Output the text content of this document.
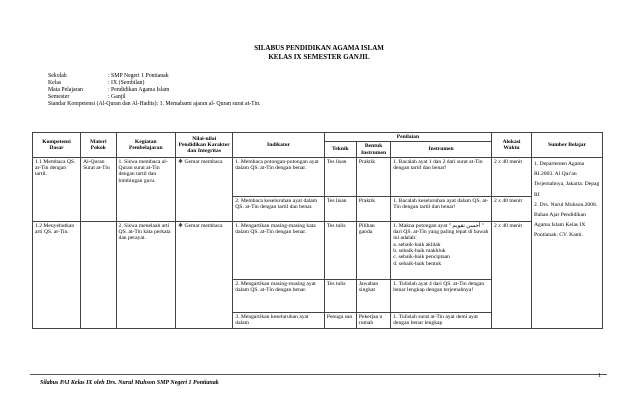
SILABUS PENDIDIKAN AGAMA ISLAM
KELAS IX SEMESTER GANJIL
Sekolah	: SMP Negeri 1 Pontianak
Kelas	: IX (Sembilan)
Mata Pelajaran	: Pendidikan Agama Islam
Semester	: Ganjil
Standar Kompetensi (Al-Quran dan Al-Hadits): 1. Memahami ajaran al- Quran surat at-Tin.
Kompetensi Dasar	Materi Pokok	Kegiatan Pembelajaran	Nilai-nilai Pendidikan Karakter dan Integritas	Indikator	Penilaian			Alokasi Waktu	Sumber Belajar
					Teknik	Bentuk Instrumen	Instrumen		
1.1 Membaca QS. at-Tin dengan tartil.	Al-Quran Surat at-Tin	1. Siswa membaca al-Quran surat at-Tin dengan tartil dan bimbingan guru.	❖ Gemar membaca	1. Membaca potongan-potongan ayat dalam QS. at-Tin dengan benar.	Tes lisan	Praktik	1. Bacalah ayat 1 dan 2 dari surat at-Tin dengan tartil dan benar!	2 x 40 menit	1. Departemen Agama RI.2003. Al Qur'an Terjemahnya, Jakarta: Depag RI
2. Drs. Nurul Muhson.2008. Bahan Ajar Pendidikan Agama Islam Kelas IX Pontianak: CV. Kami.
				2. Membaca keseluruhan ayat dalam QS. at-Tin dengan tartil dan benar.	Tes lisan	Praktik	1. Bacalah keseluruhan ayat dalam QS. at-Tin dengan tartil dan benar!	2 x 40 menit	
1.2 Menyebutkan arti QS. at-Tin.		2. Siswa menelaah arti QS. at-Tin kata perkata dan perayat.	❖ Gemar membaca	1. Mengartikan masing-masing kata dalam QS. at-Tin dengan benar.	Tes tulis	Pilihan ganda	1. Makna potongan ayat " أحسن تقويم " dari QS. at-Tin yang paling tepat di bawah ini adalah:
a. sebaik-baik akhlak
b. sebaik-baik makhluk
c. sebaik-baik penciptaan
d. sebaik-baik bentuk	2 x 40 menit	
				2. Mengartikan masing-masing ayat dalam QS. at-Tin dengan benar.	Tes tulis	Jawaban singkat	1. Tulislah ayat 4 dari QS. at-Tin dengan benar lengkap dengan terjemahnya!		
				3. Mengartikan keseluruhan ayat dalam	Penuga san	Pekerjaa n rumah	1. Tulislah surat at-Tin ayat demi ayat dengan benar lengkap		
1
Silabus PAI Kelas IX oleh Drs. Nurul Muhson SMP Negeri 1 Pontianak
